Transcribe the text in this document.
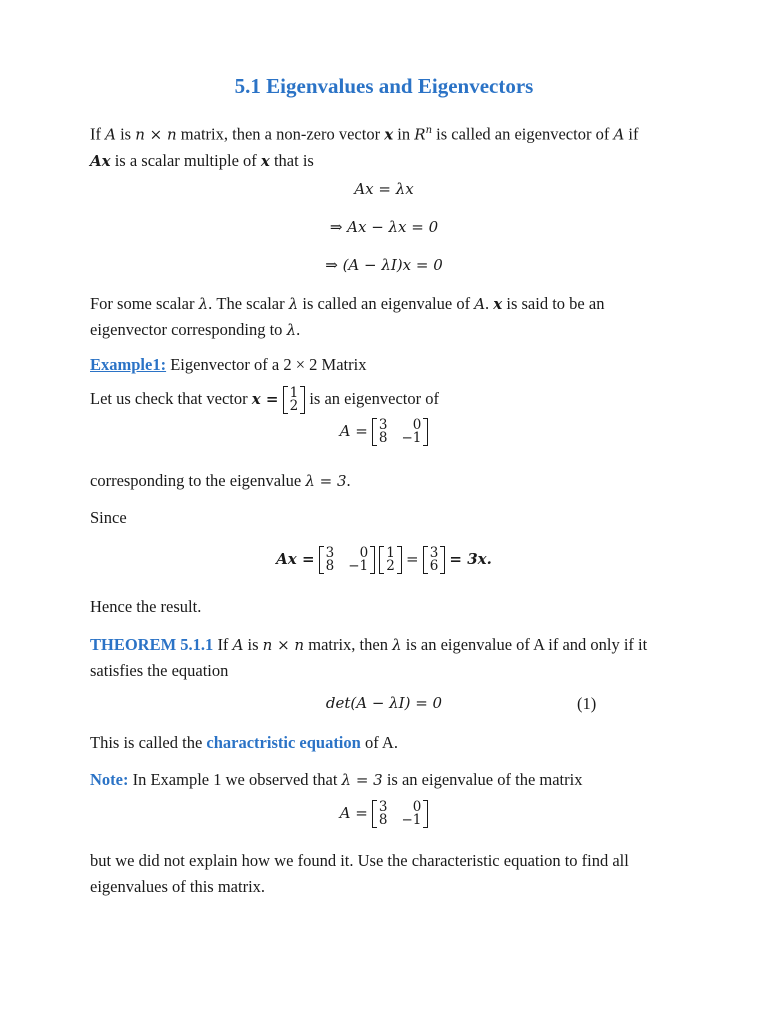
5.1 Eigenvalues and Eigenvectors
If A is n × n matrix, then a non-zero vector x in $R^n$ is called an eigenvector of A if
Ax is a scalar multiple of x that is
Ax = λx
⇒ Ax − λx = 0
⇒ (A − λI)x = 0
For some scalar λ. The scalar λ is called an eigenvalue of A. x is said to be an
eigenvector corresponding to λ.
Example1: Eigenvector of a 2 × 2 Matrix
Let us check that vector x = 1
2 is an eigenvector of
A = 3	0
8 −1
corresponding to the eigenvalue λ = 3.
Since
Ax = 3	0
8 −1

1
2 = 3
6 = 3x.
Hence the result.
THEOREM 5.1.1 If A is n × n matrix, then λ is an eigenvalue of A if and only if it
satisfies the equation
det(A − λI) = 0	(1)
This is called the charactristic equation of A.
Note: In Example 1 we observed that λ = 3 is an eigenvalue of the matrix
A = 3	0
8 −1
but we did not explain how we found it. Use the characteristic equation to find all
eigenvalues of this matrix.
